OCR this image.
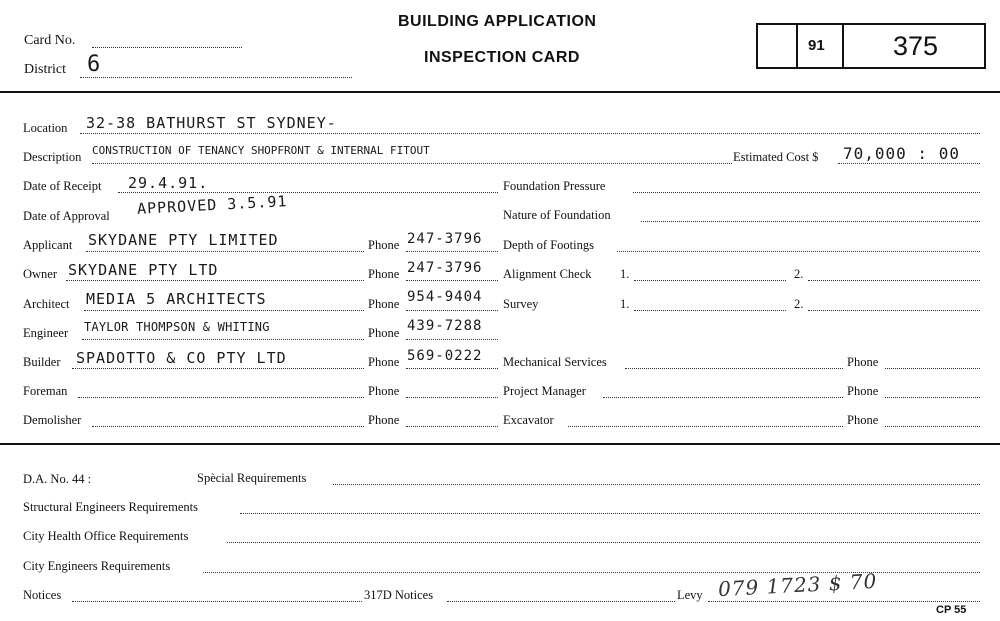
Card No.
District 6
BUILDING APPLICATION
INSPECTION CARD
91	375
Location 32-38 BATHURST ST SYDNEY-
Description CONSTRUCTION OF TENANCY SHOPFRONT & INTERNAL FITOUT	Estimated Cost $ 70,000 : 00
Date of Receipt 29.4.91.	Foundation Pressure
Date of Approval APPROVED 3.5.91	Nature of Foundation
Applicant SKYDANE PTY LIMITED	Phone 247-3796 Depth of Footings
Owner SKYDANE PTY LTD	Phone 247-3796 Alignment Check 1.	2.
Architect MEDIA 5 ARCHITECTS	Phone 954-9404 Survey	1.	2.
Engineer TAYLOR THOMPSON & WHITING	Phone 439-7288
Builder SPADOTTO & CO PTY LTD	Phone 569-0222 Mechanical Services	Phone
Foreman	Phone	Project Manager	Phone
Demolisher	Phone	Excavator	Phone
D.A. No. 44 :	Spècial Requirements
Structural Engineers Requirements
City Health Office Requirements
City Engineers Requirements
Notices	317D Notices	Levy 079 1723 $ 70
CP 55
